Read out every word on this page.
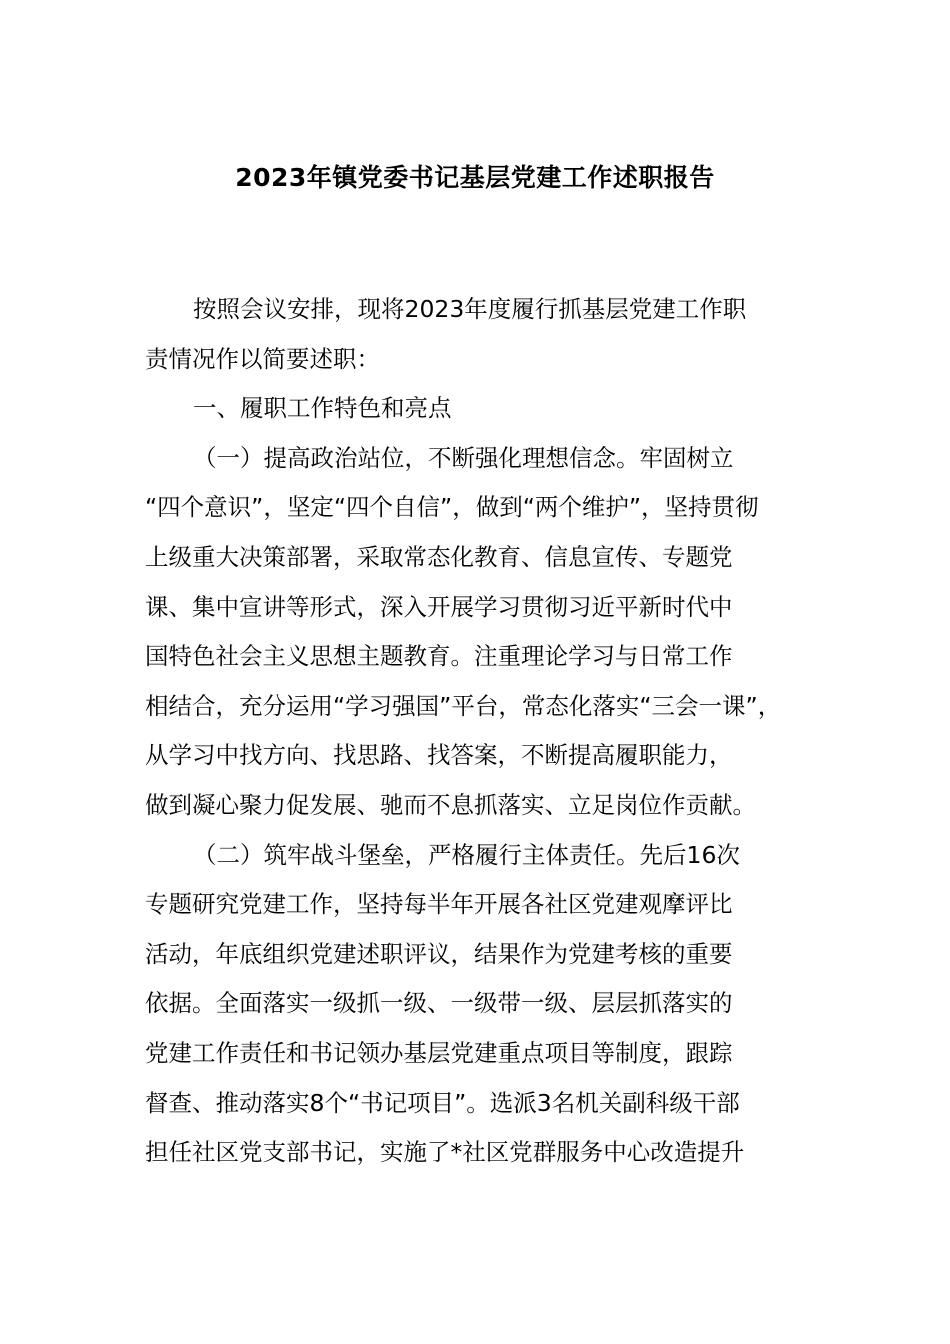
2023年镇党委书记基层党建工作述职报告

按照会议安排，现将2023年度履行抓基层党建工作职
责情况作以简要述职：

一、履职工作特色和亮点

（一）提高政治站位，不断强化理想信念。牢固树立
“四个意识”，坚定“四个自信”，做到“两个维护”，坚持贯彻
上级重大决策部署，采取常态化教育、信息宣传、专题党
课、集中宣讲等形式，深入开展学习贯彻习近平新时代中
国特色社会主义思想主题教育。注重理论学习与日常工作
相结合，充分运用“学习强国”平台，常态化落实“三会一课”，
从学习中找方向、找思路、找答案，不断提高履职能力，
做到凝心聚力促发展、驰而不息抓落实、立足岗位作贡献。

（二）筑牢战斗堡垒，严格履行主体责任。先后16次
专题研究党建工作，坚持每半年开展各社区党建观摩评比
活动，年底组织党建述职评议，结果作为党建考核的重要
依据。全面落实一级抓一级、一级带一级、层层抓落实的
党建工作责任和书记领办基层党建重点项目等制度，跟踪
督查、推动落实8个“书记项目”。选派3名机关副科级干部
担任社区党支部书记，实施了*社区党群服务中心改造提升
